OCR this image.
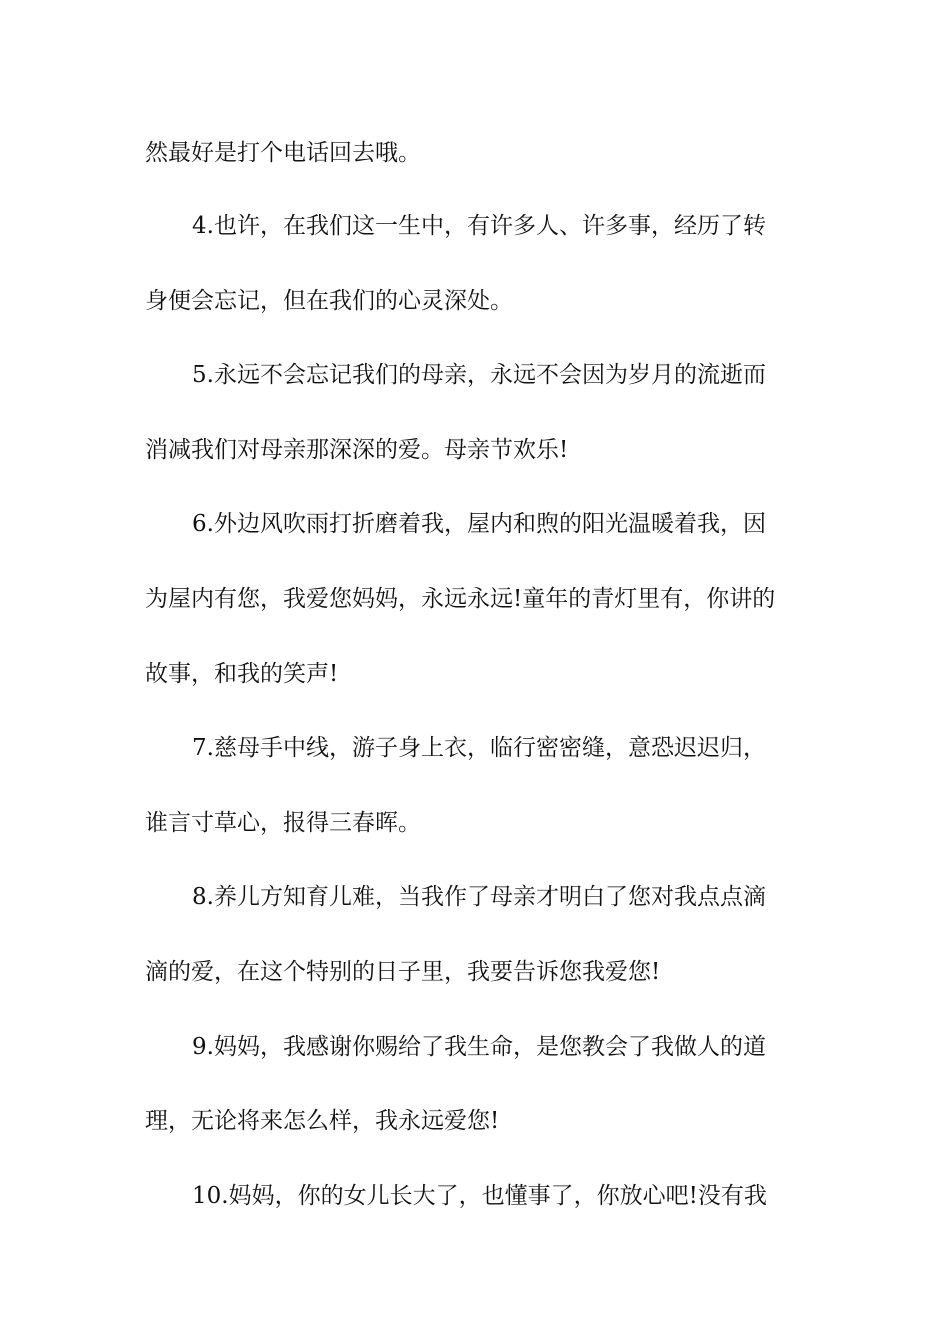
然最好是打个电话回去哦。
4.也许，在我们这一生中，有许多人、许多事，经历了转
身便会忘记，但在我们的心灵深处。
5.永远不会忘记我们的母亲，永远不会因为岁月的流逝而
消减我们对母亲那深深的爱。母亲节欢乐!
6.外边风吹雨打折磨着我，屋内和煦的阳光温暖着我，因
为屋内有您，我爱您妈妈，永远永远!童年的青灯里有，你讲的
故事，和我的笑声!
7.慈母手中线，游子身上衣，临行密密缝，意恐迟迟归，
谁言寸草心，报得三春晖。
8.养儿方知育儿难，当我作了母亲才明白了您对我点点滴
滴的爱，在这个特别的日子里，我要告诉您我爱您!
9.妈妈，我感谢你赐给了我生命，是您教会了我做人的道
理，无论将来怎么样，我永远爱您!
10.妈妈，你的女儿长大了，也懂事了，你放心吧!没有我
